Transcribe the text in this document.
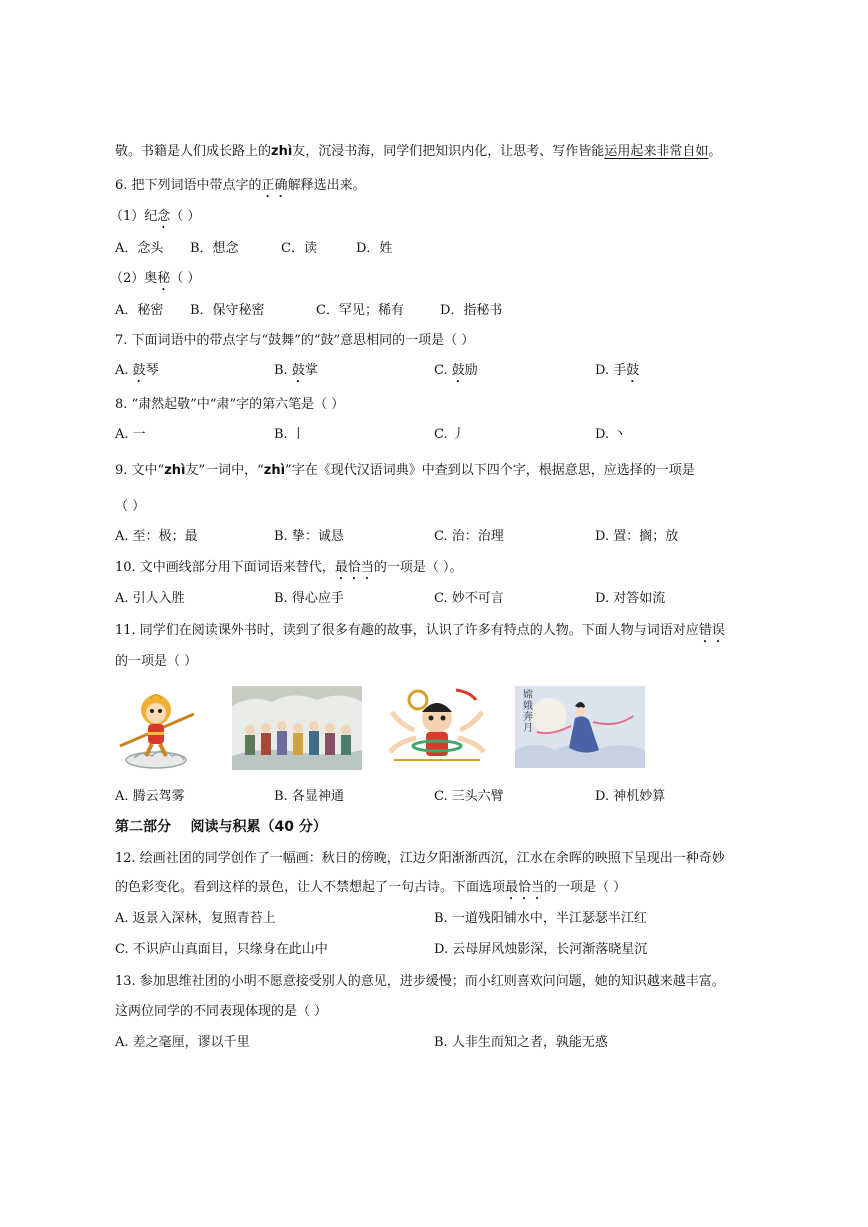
敬。书籍是人们成长路上的zhì友，沉浸书海，同学们把知识内化，让思考、写作皆能运用起来非常自如。
6. 把下列词语中带点字的正确解释选出来。
（1）纪念（ ）
A．念头 B．想念	C．读	D．姓
（2）奥秘（ ）
A．秘密 B．保守秘密	C．罕见；稀有	D．指秘书
7. 下面词语中的带点字与“鼓舞”的“鼓”意思相同的一项是（ ）
A. 鼓琴	B. 鼓掌	C. 鼓励	D. 手鼓
8. “肃然起敬”中“肃”字的第六笔是（ ）
A. 一	B. 丨	C. 丿	D. 丶
9. 文中“zhì友”一词中，“zhì”字在《现代汉语词典》中查到以下四个字，根据意思，应选择的一项是
（ ）
A. 至：极；最	B. 挚：诚恳	C. 治：治理	D. 置：搁；放
10. 文中画线部分用下面词语来替代，最恰当的一项是（ ）。
A. 引人入胜	B. 得心应手	C. 妙不可言	D. 对答如流
11. 同学们在阅读课外书时，读到了很多有趣的故事，认识了许多有特点的人物。下面人物与词语对应错误
的一项是（ ）
嫦娥奔月
A. 腾云驾雾	B. 各显神通	C. 三头六臂	D. 神机妙算
第二部分    阅读与积累（40 分）
12. 绘画社团的同学创作了一幅画：秋日的傍晚，江边夕阳渐渐西沉，江水在余晖的映照下呈现出一种奇妙
的色彩变化。看到这样的景色，让人不禁想起了一句古诗。下面选项最恰当的一项是（ ）
A. 返景入深林，复照青苔上	B. 一道残阳铺水中，半江瑟瑟半江红
C. 不识庐山真面目，只缘身在此山中	D. 云母屏风烛影深，长河渐落晓星沉
13. 参加思维社团的小明不愿意接受别人的意见，进步缓慢；而小红则喜欢问问题，她的知识越来越丰富。
这两位同学的不同表现体现的是（ ）
A. 差之毫厘，谬以千里	B. 人非生而知之者，孰能无惑
